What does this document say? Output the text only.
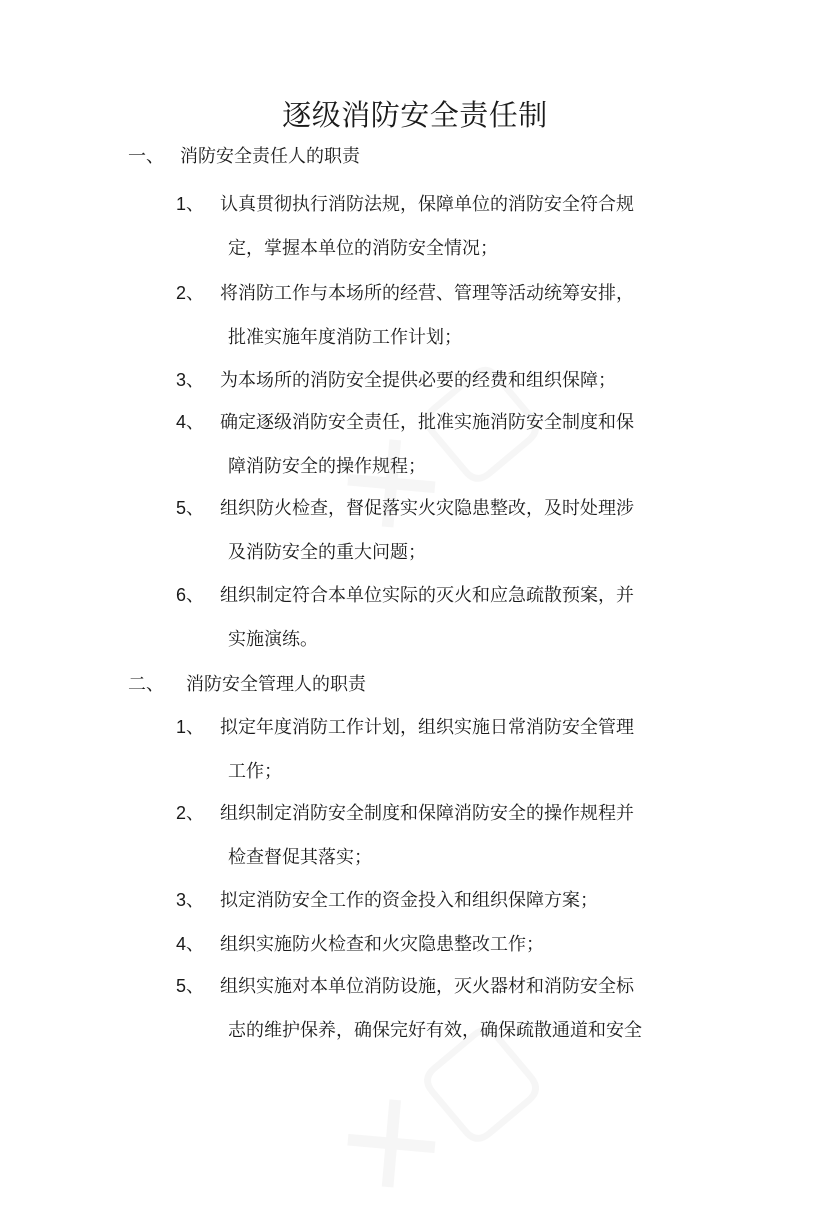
逐级消防安全责任制
一、 消防安全责任人的职责
1、 认真贯彻执行消防法规，保障单位的消防安全符合规
定，掌握本单位的消防安全情况；
2、 将消防工作与本场所的经营、管理等活动统筹安排，
批准实施年度消防工作计划；
3、 为本场所的消防安全提供必要的经费和组织保障；
4、 确定逐级消防安全责任，批准实施消防安全制度和保
障消防安全的操作规程；
5、 组织防火检查，督促落实火灾隐患整改，及时处理涉
及消防安全的重大问题；
6、 组织制定符合本单位实际的灭火和应急疏散预案，并
实施演练。
二、 消防安全管理人的职责
1、 拟定年度消防工作计划，组织实施日常消防安全管理
工作；
2、 组织制定消防安全制度和保障消防安全的操作规程并
检查督促其落实；
3、 拟定消防安全工作的资金投入和组织保障方案；
4、 组织实施防火检查和火灾隐患整改工作；
5、 组织实施对本单位消防设施，灭火器材和消防安全标
志的维护保养，确保完好有效，确保疏散通道和安全
